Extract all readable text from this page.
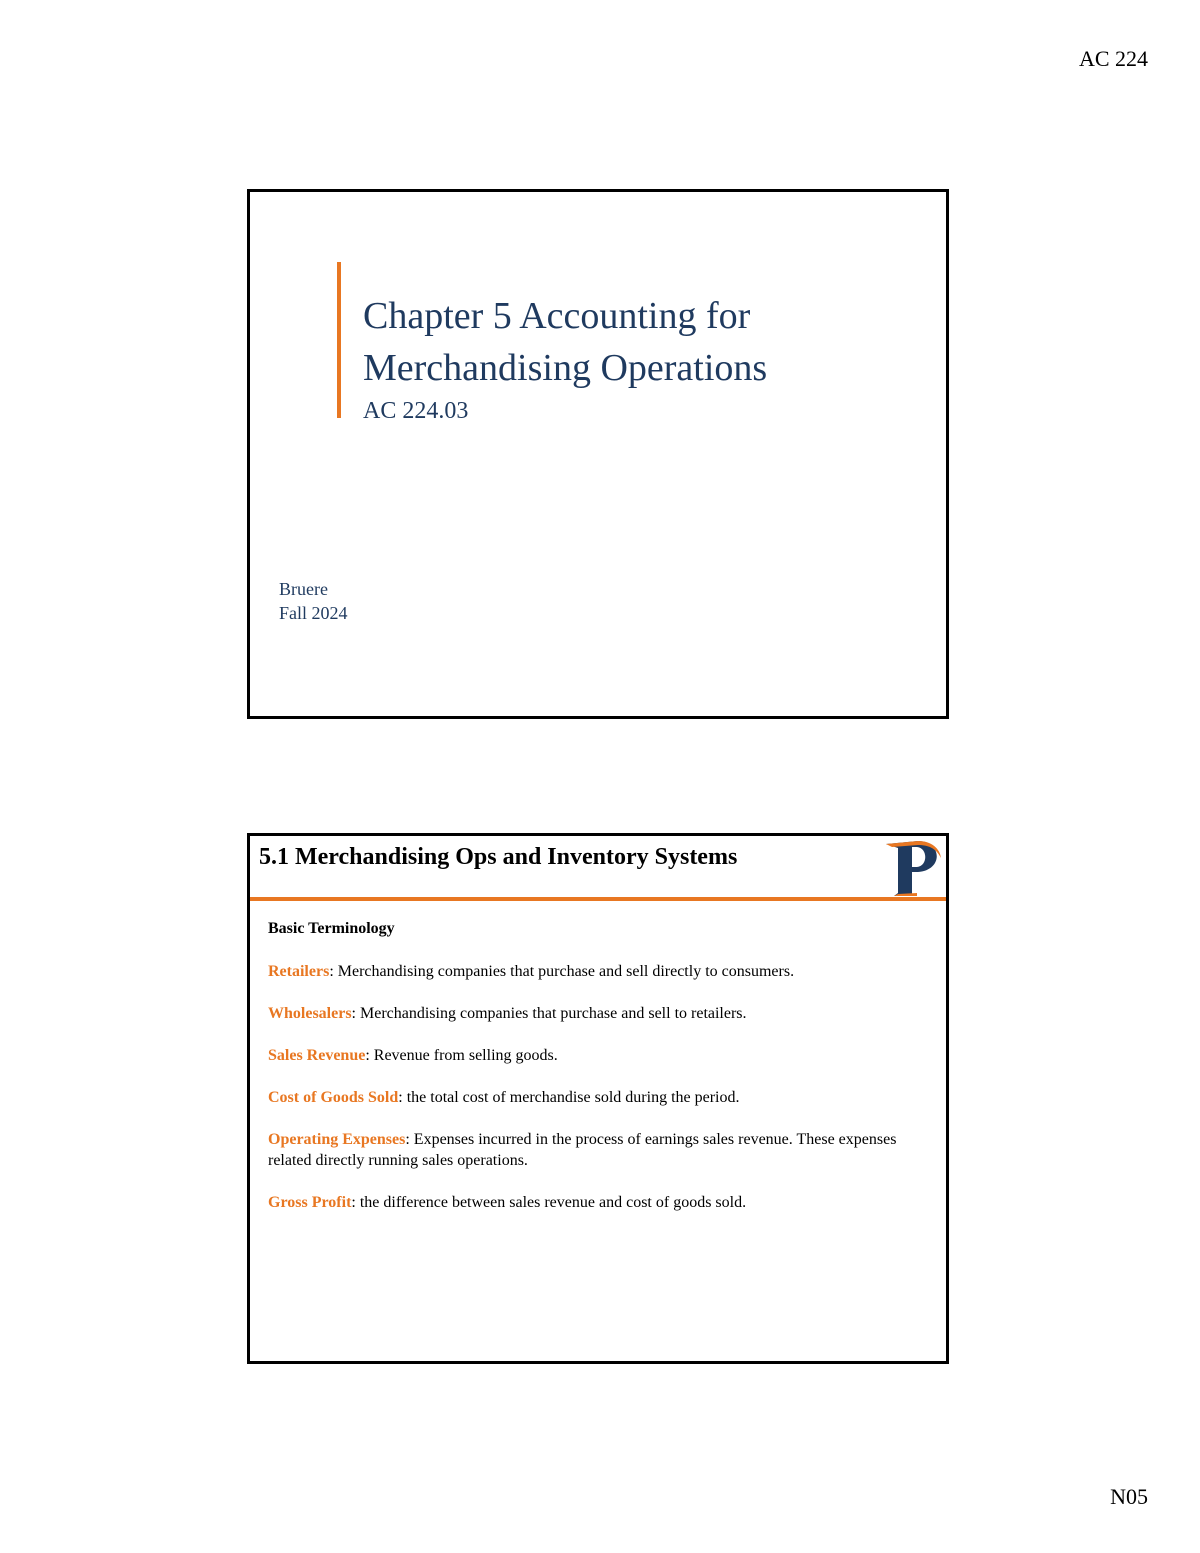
AC 224
Chapter 5 Accounting for
Merchandising Operations
AC 224.03
Bruere
Fall 2024
5.1 Merchandising Ops and Inventory Systems
Basic Terminology

Retailers: Merchandising companies that purchase and sell directly to consumers.

Wholesalers: Merchandising companies that purchase and sell to retailers.

Sales Revenue: Revenue from selling goods.

Cost of Goods Sold: the total cost of merchandise sold during the period.

Operating Expenses: Expenses incurred in the process of earnings sales revenue. These expenses related directly running sales operations.

Gross Profit: the difference between sales revenue and cost of goods sold.

N05
